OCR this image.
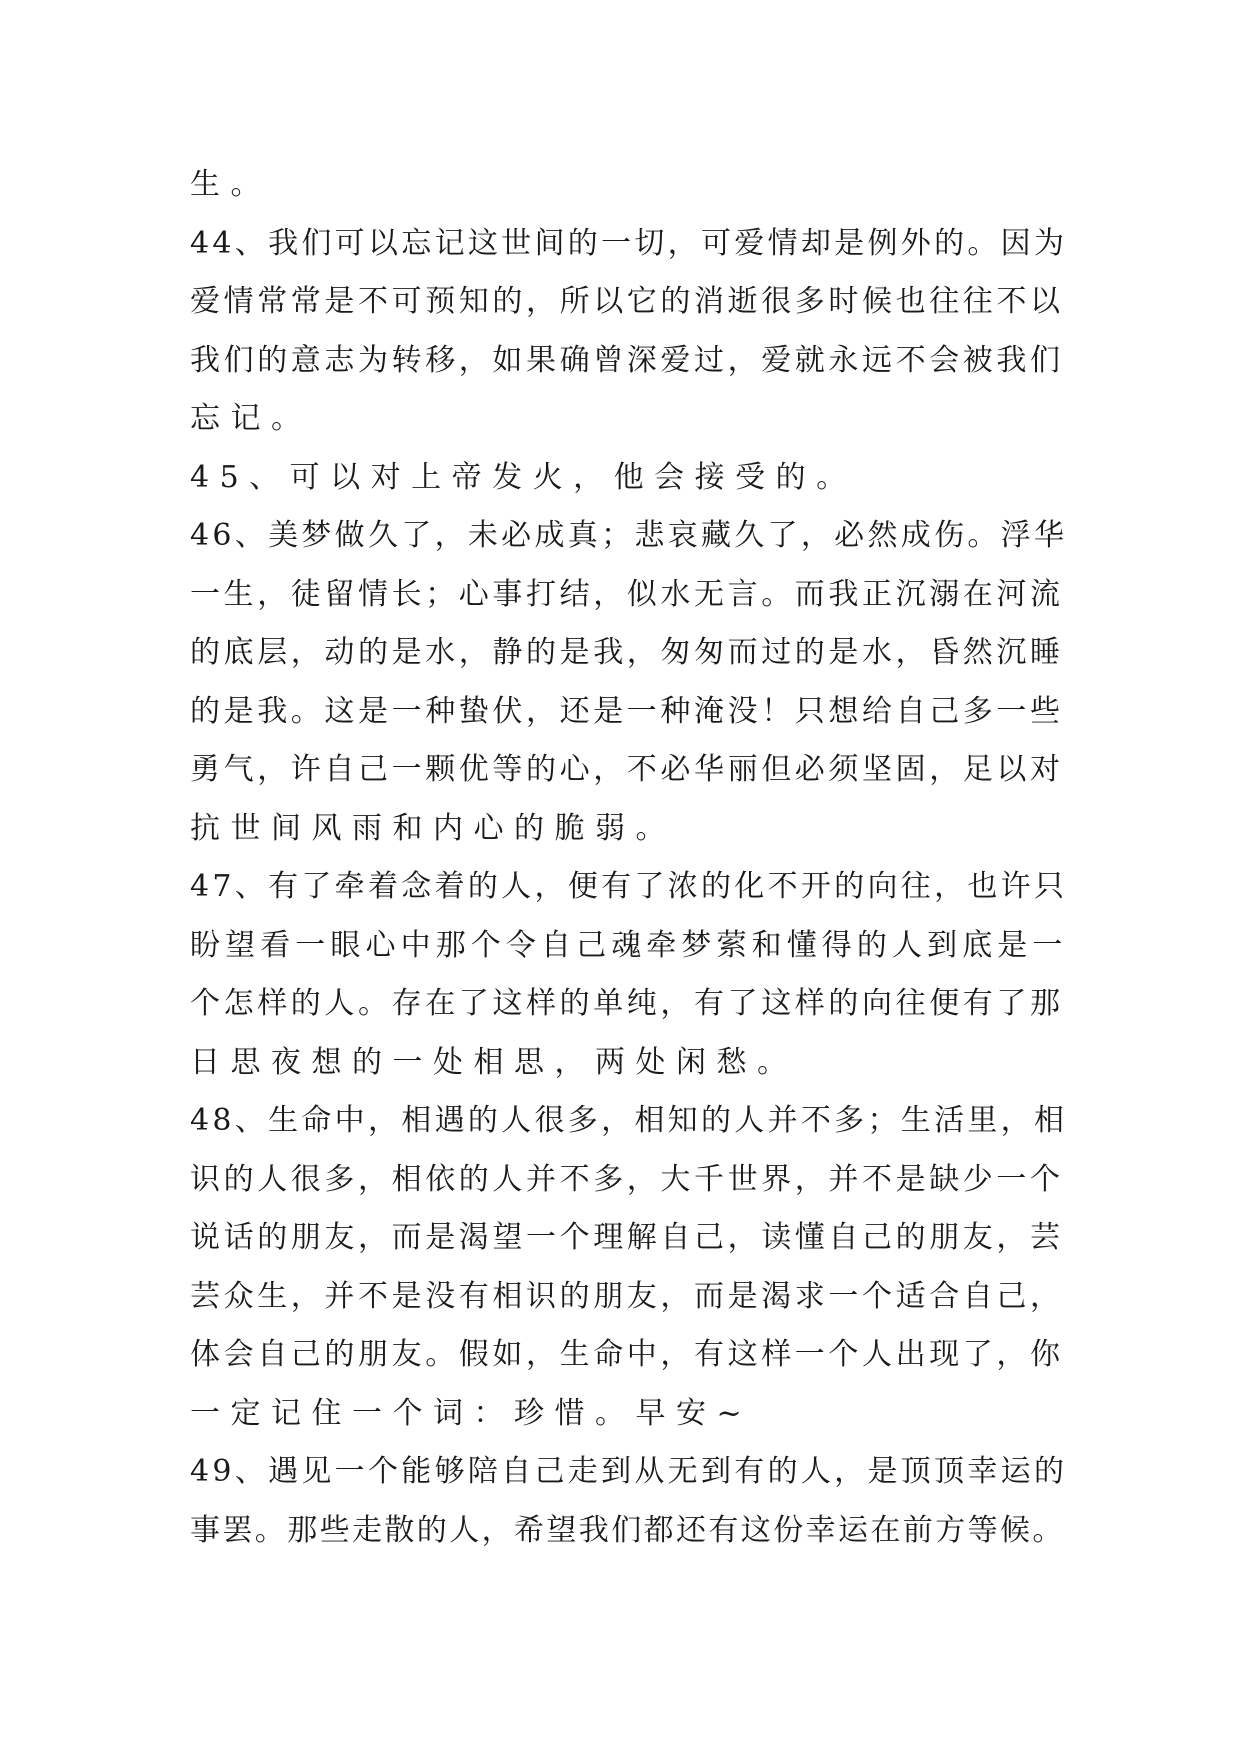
生。
44、我们可以忘记这世间的一切，可爱情却是例外的。因为
爱情常常是不可预知的，所以它的消逝很多时候也往往不以
我们的意志为转移，如果确曾深爱过，爱就永远不会被我们
忘记。
45、可以对上帝发火，他会接受的。
46、美梦做久了，未必成真；悲哀藏久了，必然成伤。浮华
一生，徒留情长；心事打结，似水无言。而我正沉溺在河流
的底层，动的是水，静的是我，匆匆而过的是水，昏然沉睡
的是我。这是一种蛰伏，还是一种淹没！只想给自己多一些
勇气，许自己一颗优等的心，不必华丽但必须坚固，足以对
抗世间风雨和内心的脆弱。
47、有了牵着念着的人，便有了浓的化不开的向往，也许只
盼望看一眼心中那个令自己魂牵梦萦和懂得的人到底是一
个怎样的人。存在了这样的单纯，有了这样的向往便有了那
日思夜想的一处相思，两处闲愁。
48、生命中，相遇的人很多，相知的人并不多；生活里，相
识的人很多，相依的人并不多，大千世界，并不是缺少一个
说话的朋友，而是渴望一个理解自己，读懂自己的朋友，芸
芸众生，并不是没有相识的朋友，而是渴求一个适合自己，
体会自己的朋友。假如，生命中，有这样一个人出现了，你
一定记住一个词：珍惜。早安~
49、遇见一个能够陪自己走到从无到有的人，是顶顶幸运的
事罢。那些走散的人，希望我们都还有这份幸运在前方等候。
